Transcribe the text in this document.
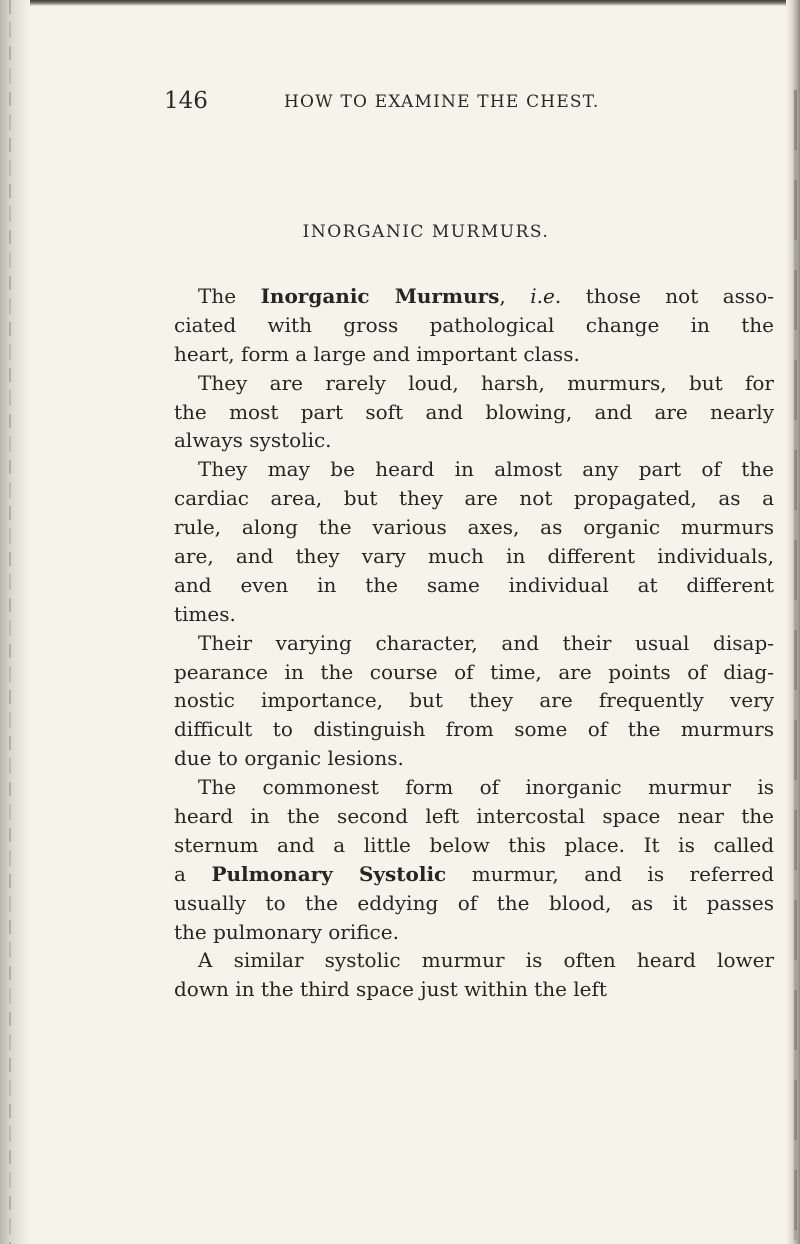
146	HOW TO EXAMINE THE CHEST.
INORGANIC MURMURS.
The Inorganic Murmurs, i.e. those not asso-
ciated with gross pathological change in the
heart, form a large and important class.
They are rarely loud, harsh, murmurs, but for
the most part soft and blowing, and are nearly
always systolic.
They may be heard in almost any part of the
cardiac area, but they are not propagated, as a
rule, along the various axes, as organic murmurs
are, and they vary much in different individuals,
and even in the same individual at different
times.
Their varying character, and their usual disap-
pearance in the course of time, are points of diag-
nostic importance, but they are frequently very
difficult to distinguish from some of the murmurs
due to organic lesions.
The commonest form of inorganic murmur is
heard in the second left intercostal space near the
sternum and a little below this place. It is called
a Pulmonary Systolic murmur, and is referred
usually to the eddying of the blood, as it passes
the pulmonary orifice.
A similar systolic murmur is often heard lower
down in the third space just within the left
